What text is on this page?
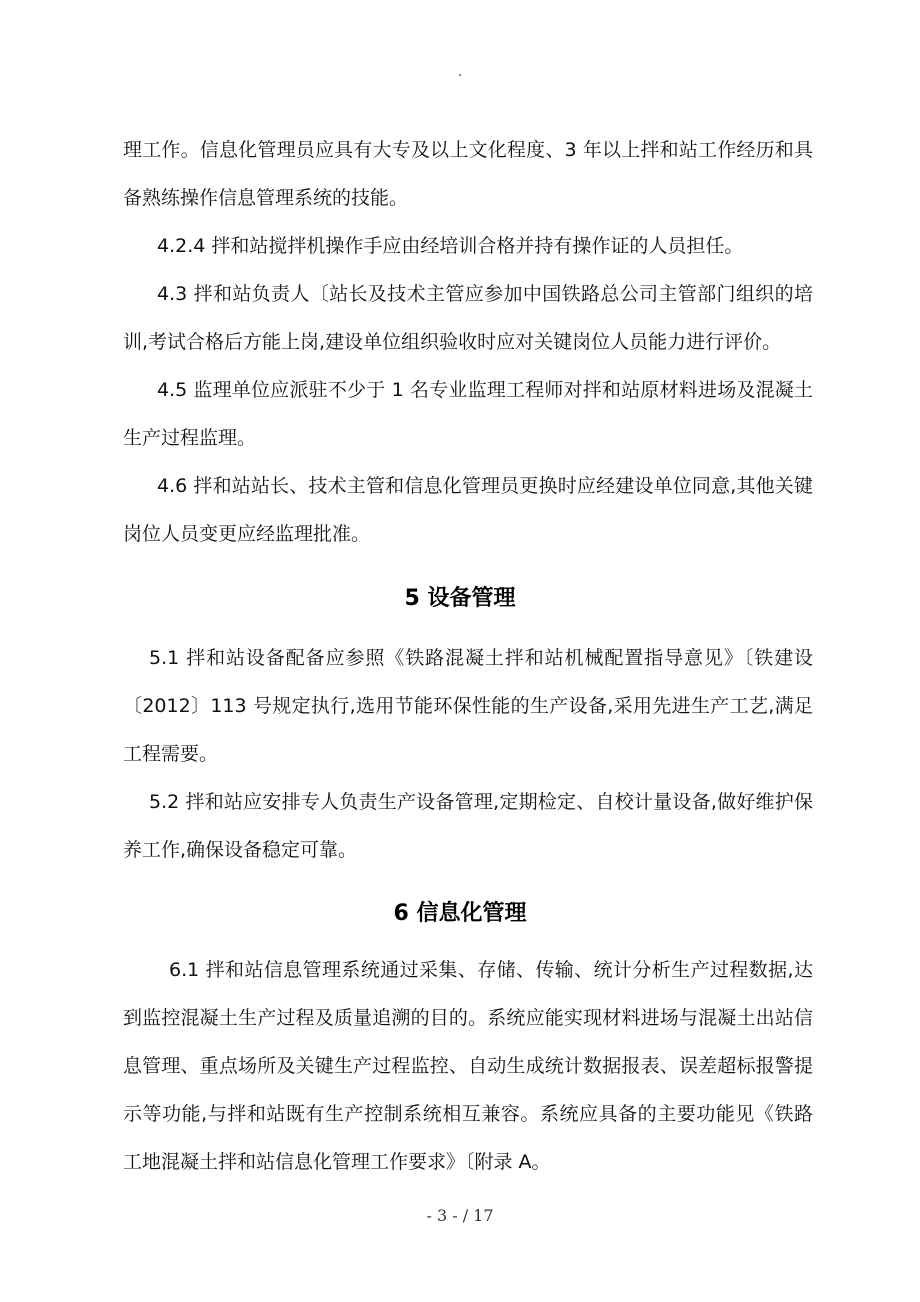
.

理工作。信息化管理员应具有大专及以上文化程度、3 年以上拌和站工作经历和具备熟练操作信息管理系统的技能。

4.2.4 拌和站搅拌机操作手应由经培训合格并持有操作证的人员担任。

4.3 拌和站负责人〔站长及技术主管应参加中国铁路总公司主管部门组织的培训,考试合格后方能上岗,建设单位组织验收时应对关键岗位人员能力进行评价。

4.5 监理单位应派驻不少于 1 名专业监理工程师对拌和站原材料进场及混凝土生产过程监理。

4.6 拌和站站长、技术主管和信息化管理员更换时应经建设单位同意,其他关键岗位人员变更应经监理批准。

5 设备管理

5.1 拌和站设备配备应参照《铁路混凝土拌和站机械配置指导意见》〔铁建设〔2012〕113 号规定执行,选用节能环保性能的生产设备,采用先进生产工艺,满足工程需要。

5.2 拌和站应安排专人负责生产设备管理,定期检定、自校计量设备,做好维护保养工作,确保设备稳定可靠。

6 信息化管理

6.1 拌和站信息管理系统通过采集、存储、传输、统计分析生产过程数据,达到监控混凝土生产过程及质量追溯的目的。系统应能实现材料进场与混凝土出站信息管理、重点场所及关键生产过程监控、自动生成统计数据报表、误差超标报警提示等功能,与拌和站既有生产控制系统相互兼容。系统应具备的主要功能见《铁路工地混凝土拌和站信息化管理工作要求》〔附录 A。

- 3 - / 17
